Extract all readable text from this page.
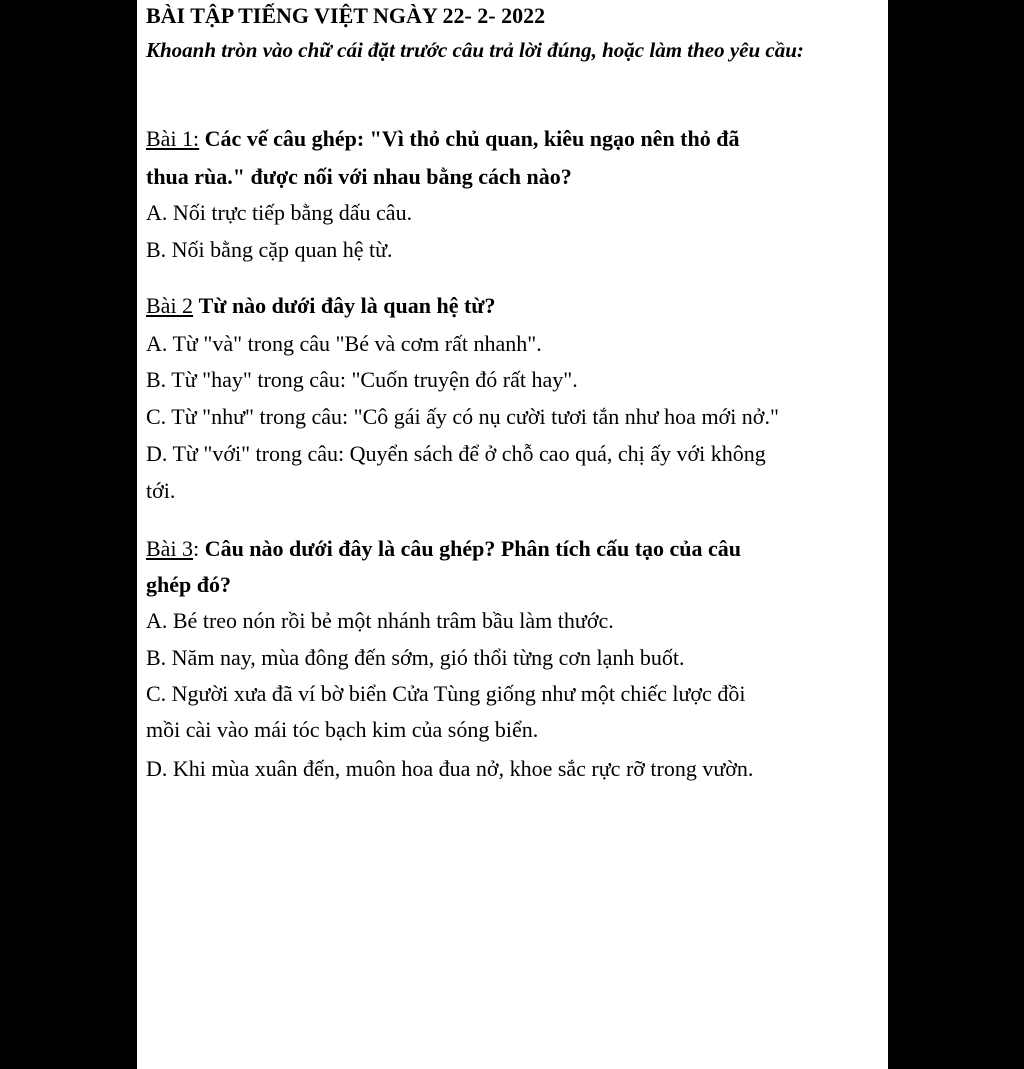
BÀI TẬP TIẾNG VIỆT NGÀY 22- 2- 2022
Khoanh tròn vào chữ cái đặt trước câu trả lời đúng, hoặc làm theo yêu cầu:
Bài 1: Các vế câu ghép: "Vì thỏ chủ quan, kiêu ngạo nên thỏ đã
thua rùa." được nối với nhau bằng cách nào?
A. Nối trực tiếp bằng dấu câu.
B. Nối bằng cặp quan hệ từ.
Bài 2 Từ nào dưới đây là quan hệ từ?
A. Từ "và" trong câu "Bé và cơm rất nhanh".
B. Từ "hay" trong câu: "Cuốn truyện đó rất hay".
C. Từ "như" trong câu: "Cô gái ấy có nụ cười tươi tắn như hoa mới nở."
D. Từ "với" trong câu: Quyển sách để ở chỗ cao quá, chị ấy với không
tới.
Bài 3: Câu nào dưới đây là câu ghép? Phân tích cấu tạo của câu
ghép đó?
A. Bé treo nón rồi bẻ một nhánh trâm bầu làm thước.
B. Năm nay, mùa đông đến sớm, gió thổi từng cơn lạnh buốt.
C. Người xưa đã ví bờ biển Cửa Tùng giống như một chiếc lược đồi
mồi cài vào mái tóc bạch kim của sóng biển.
D. Khi mùa xuân đến, muôn hoa đua nở, khoe sắc rực rỡ trong vườn.
